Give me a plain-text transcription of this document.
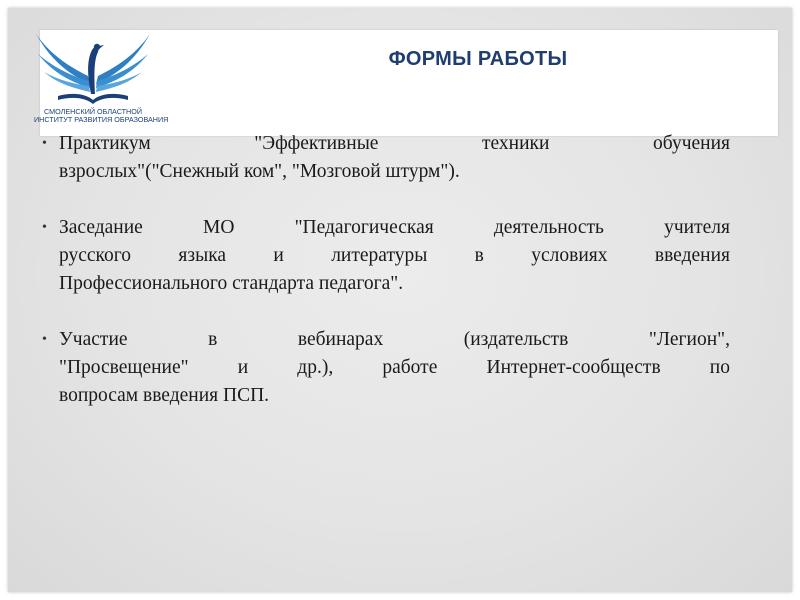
СМОЛЕНСКИЙ ОБЛАСТНОЙ
ИНСТИТУТ РАЗВИТИЯ ОБРАЗОВАНИЯ
ФОРМЫ РАБОТЫ
• Практикум "Эффективные техники обучения
взрослых"("Снежный ком", "Мозговой штурм").
• Заседание МО "Педагогическая деятельность учителя
русского языка и литературы в условиях введения
Профессионального стандарта педагога".
• Участие в вебинарах (издательств "Легион",
"Просвещение" и др.), работе Интернет-сообществ по
вопросам введения ПСП.
